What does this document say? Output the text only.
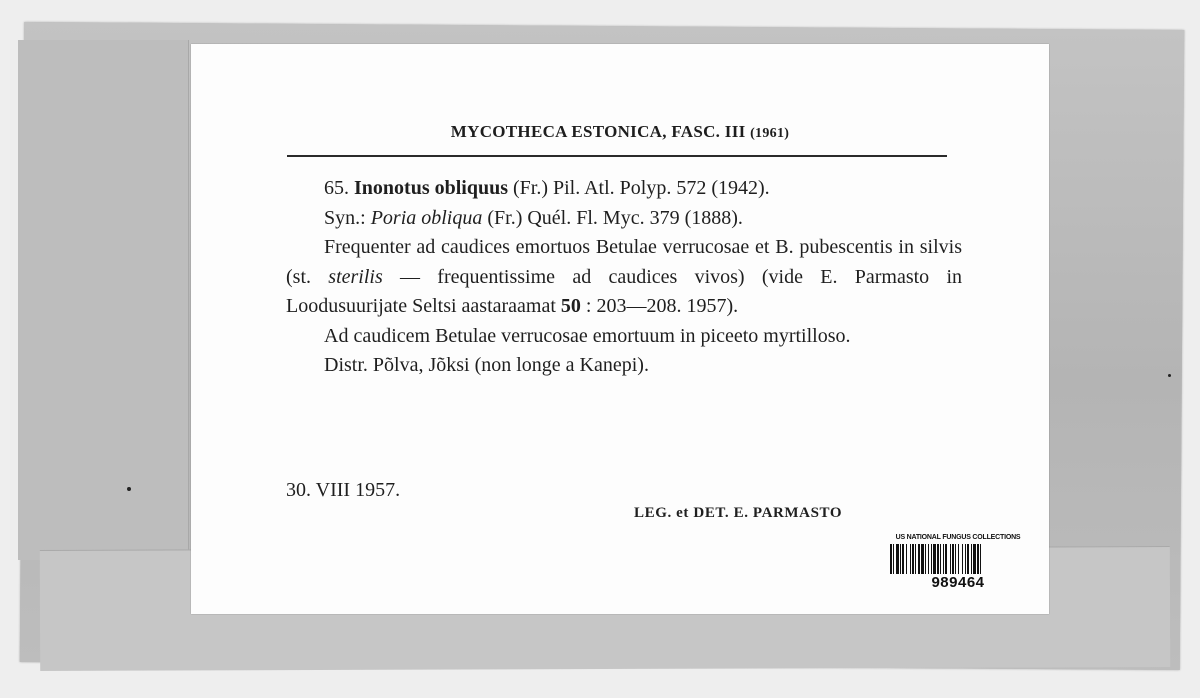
MYCOTHECA ESTONICA, FASC. III (1961)

65. Inonotus obliquus (Fr.) Pil. Atl. Polyp. 572 (1942).

Syn.: Poria obliqua (Fr.) Quél. Fl. Myc. 379 (1888).

Frequenter ad caudices emortuos Betulae verrucosae et B. pubescentis in silvis (st. sterilis — frequentissime ad caudices vivos) (vide E. Parmasto in Loodusuurijate Seltsi aastaraamat 50 : 203—208. 1957).

Ad caudicem Betulae verrucosae emortuum in piceeto myrtilloso.

Distr. Põlva, Jõksi (non longe a Kanepi).

30. VIII 1957.
LEG. et DET. E. PARMASTO
US NATIONAL FUNGUS COLLECTIONS
989464
